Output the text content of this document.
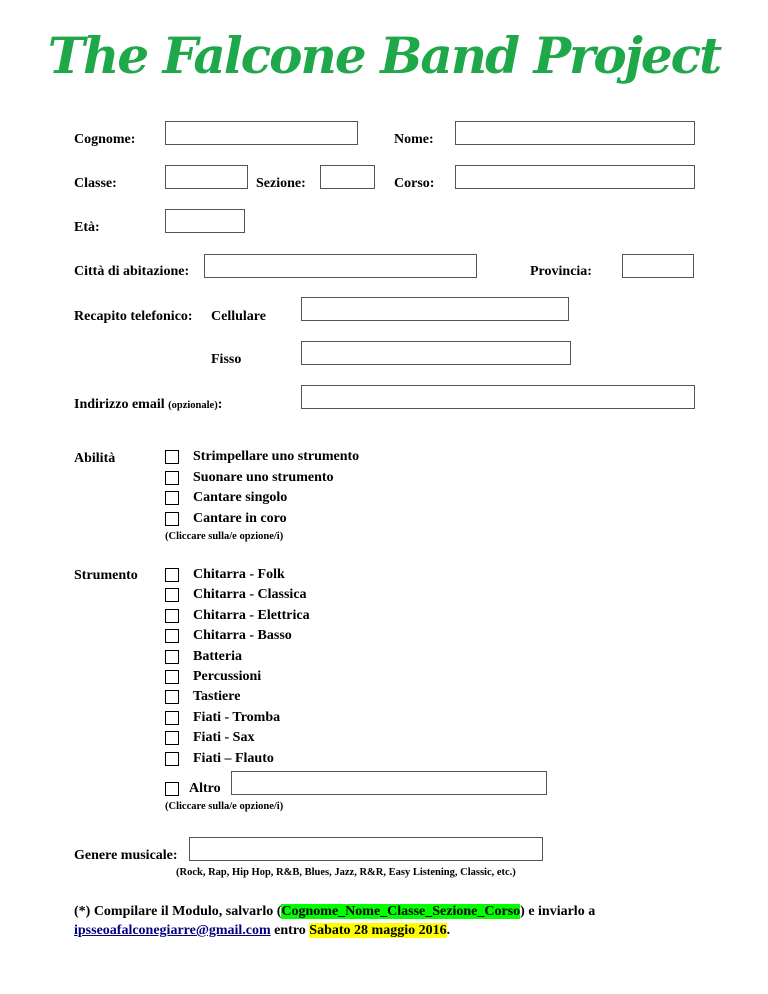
The Falcone Band Project
Cognome:	Nome:
Classe:	Sezione:	Corso:
Età:
Città di abitazione:	Provincia:
Recapito telefonico: Cellulare
Fisso
Indirizzo email (opzionale):
Abilità	Strimpellare uno strumento
Suonare uno strumento
Cantare singolo
Cantare in coro
(Cliccare sulla/e opzione/i)
Strumento	Chitarra - Folk
Chitarra - Classica
Chitarra - Elettrica
Chitarra - Basso
Batteria
Percussioni
Tastiere
Fiati - Tromba
Fiati - Sax
Fiati – Flauto
Altro
(Cliccare sulla/e opzione/i)
Genere musicale:
(Rock, Rap, Hip Hop, R&B, Blues, Jazz, R&R, Easy Listening, Classic, etc.)
(*) Compilare il Modulo, salvarlo (Cognome_Nome_Classe_Sezione_Corso) e inviarlo a
ipsseoafalconegiarre@gmail.com entro Sabato 28 maggio 2016.
